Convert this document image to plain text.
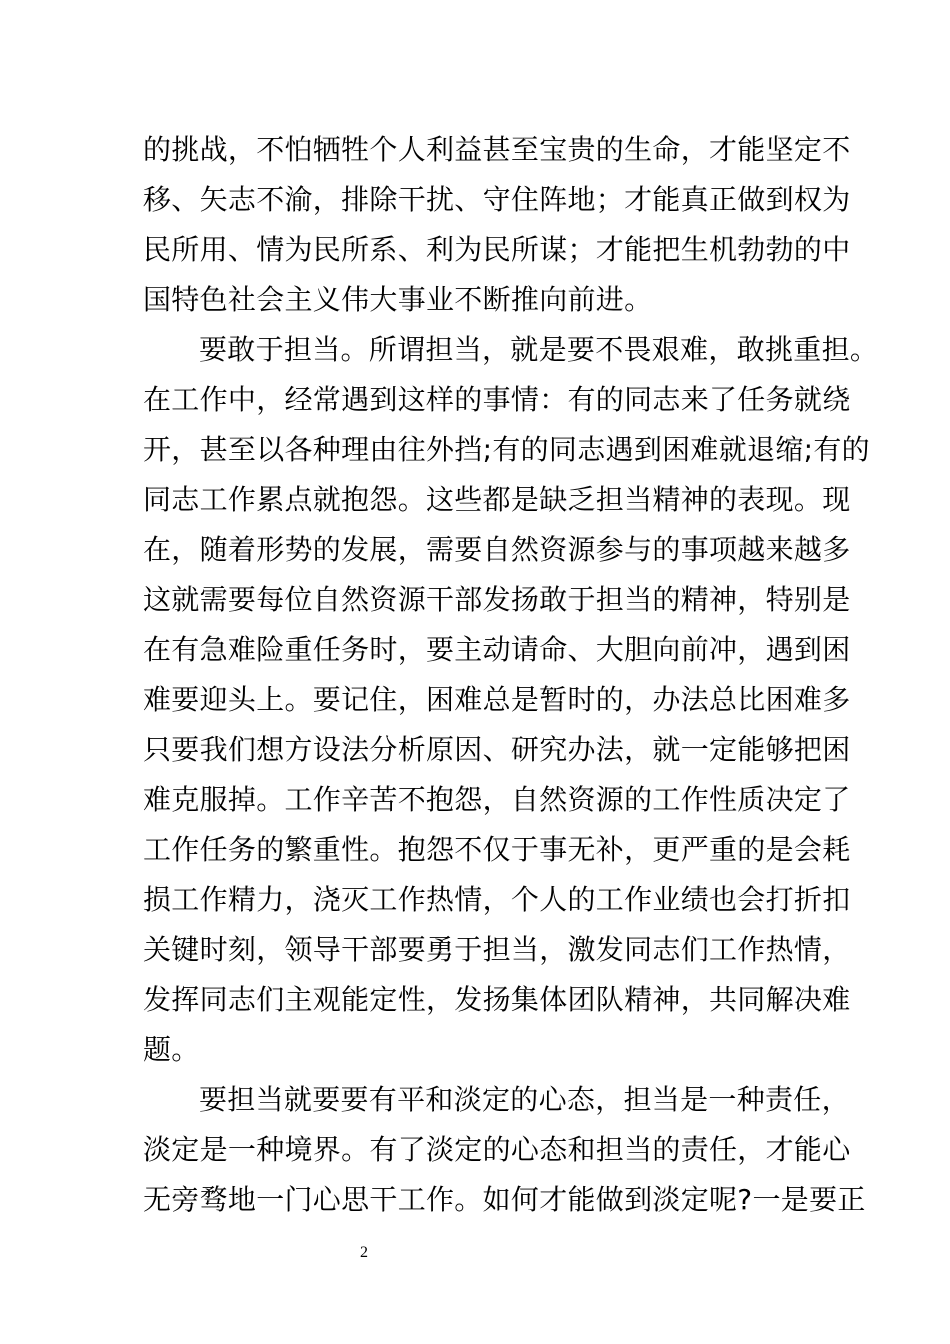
的挑战，不怕牺牲个人利益甚至宝贵的生命，才能坚定不
移、矢志不渝，排除干扰、守住阵地；才能真正做到权为
民所用、情为民所系、利为民所谋；才能把生机勃勃的中
国特色社会主义伟大事业不断推向前进。
要敢于担当。所谓担当，就是要不畏艰难，敢挑重担。
在工作中，经常遇到这样的事情：有的同志来了任务就绕
开，甚至以各种理由往外挡;有的同志遇到困难就退缩;有的
同志工作累点就抱怨。这些都是缺乏担当精神的表现。现
在，随着形势的发展，需要自然资源参与的事项越来越多
这就需要每位自然资源干部发扬敢于担当的精神，特别是
在有急难险重任务时，要主动请命、大胆向前冲，遇到困
难要迎头上。要记住，困难总是暂时的，办法总比困难多
只要我们想方设法分析原因、研究办法，就一定能够把困
难克服掉。工作辛苦不抱怨，自然资源的工作性质决定了
工作任务的繁重性。抱怨不仅于事无补，更严重的是会耗
损工作精力，浇灭工作热情，个人的工作业绩也会打折扣
关键时刻，领导干部要勇于担当，激发同志们工作热情，
发挥同志们主观能定性，发扬集体团队精神，共同解决难
题。
要担当就要要有平和淡定的心态，担当是一种责任，
淡定是一种境界。有了淡定的心态和担当的责任，才能心
无旁骛地一门心思干工作。如何才能做到淡定呢?一是要正
2
